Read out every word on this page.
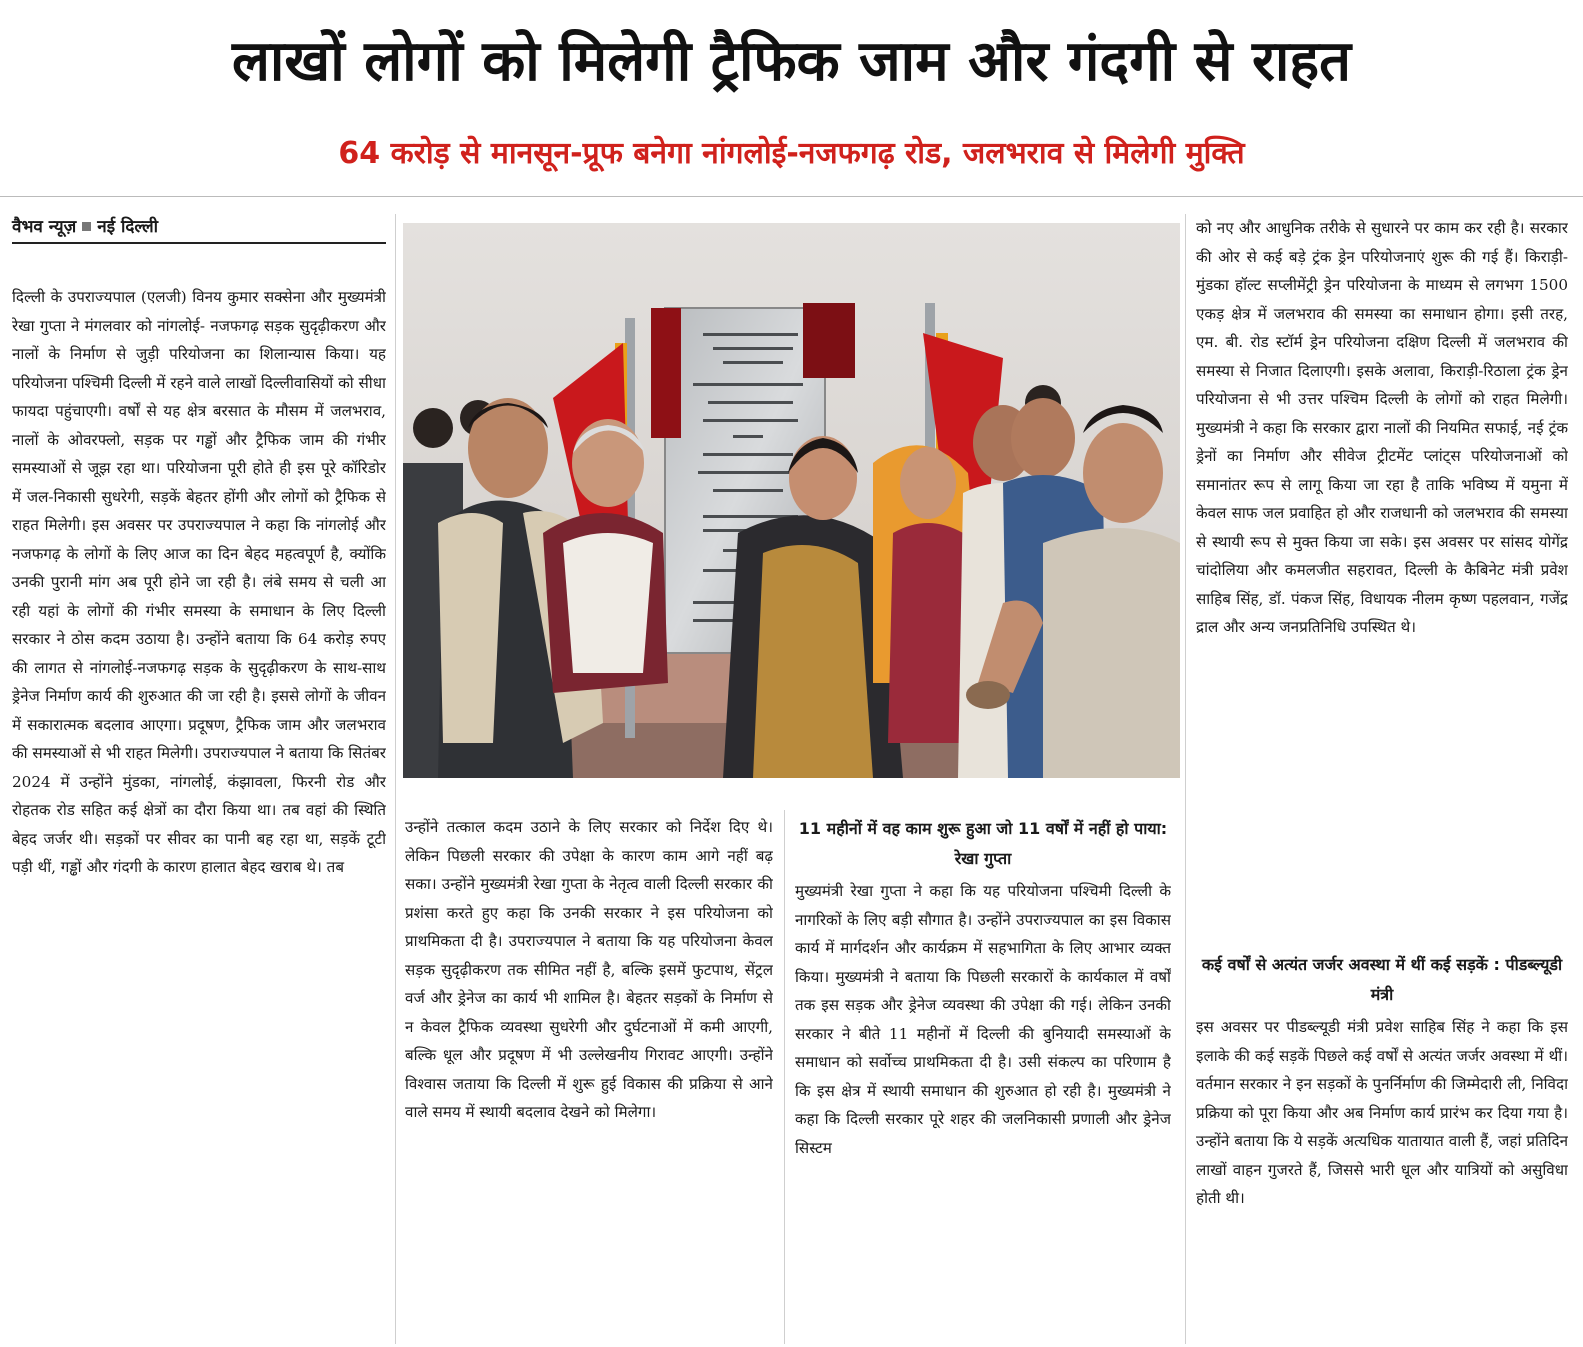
लाखों लोगों को मिलेगी ट्रैफिक जाम और गंदगी से राहत
64 करोड़ से मानसून-प्रूफ बनेगा नांगलोई-नजफगढ़ रोड, जलभराव से मिलेगी मुक्ति
वैभव न्यूज़ नई दिल्ली

दिल्ली के उपराज्यपाल (एलजी) विनय कुमार सक्सेना और मुख्यमंत्री रेखा गुप्ता ने मंगलवार को नांगलोई- नजफगढ़ सड़क सुदृढ़ीकरण और नालों के निर्माण से जुड़ी परियोजना का शिलान्यास किया। यह परियोजना पश्चिमी दिल्ली में रहने वाले लाखों दिल्लीवासियों को सीधा फायदा पहुंचाएगी। वर्षों से यह क्षेत्र बरसात के मौसम में जलभराव, नालों के ओवरफ्लो, सड़क पर गड्ढों और ट्रैफिक जाम की गंभीर समस्याओं से जूझ रहा था। परियोजना पूरी होते ही इस पूरे कॉरिडोर में जल-निकासी सुधरेगी, सड़कें बेहतर होंगी और लोगों को ट्रैफिक से राहत मिलेगी। इस अवसर पर उपराज्यपाल ने कहा कि नांगलोई और नजफगढ़ के लोगों के लिए आज का दिन बेहद महत्वपूर्ण है, क्योंकि उनकी पुरानी मांग अब पूरी होने जा रही है। लंबे समय से चली आ रही यहां के लोगों की गंभीर समस्या के समाधान के लिए दिल्ली सरकार ने ठोस कदम उठाया है। उन्होंने बताया कि 64 करोड़ रुपए की लागत से नांगलोई-नजफगढ़ सड़क के सुदृढ़ीकरण के साथ-साथ ड्रेनेज निर्माण कार्य की शुरुआत की जा रही है। इससे लोगों के जीवन में सकारात्मक बदलाव आएगा। प्रदूषण, ट्रैफिक जाम और जलभराव की समस्याओं से भी राहत मिलेगी। उपराज्यपाल ने बताया कि सितंबर 2024 में उन्होंने मुंडका, नांगलोई, कंझावला, फिरनी रोड और रोहतक रोड सहित कई क्षेत्रों का दौरा किया था। तब वहां की स्थिति बेहद जर्जर थी। सड़कों पर सीवर का पानी बह रहा था, सड़कें टूटी पड़ी थीं, गड्ढों और गंदगी के कारण हालात बेहद खराब थे। तब

उन्होंने तत्काल कदम उठाने के लिए सरकार को निर्देश दिए थे। लेकिन पिछली सरकार की उपेक्षा के कारण काम आगे नहीं बढ़ सका। उन्होंने मुख्यमंत्री रेखा गुप्ता के नेतृत्व वाली दिल्ली सरकार की प्रशंसा करते हुए कहा कि उनकी सरकार ने इस परियोजना को प्राथमिकता दी है। उपराज्यपाल ने बताया कि यह परियोजना केवल सड़क सुदृढ़ीकरण तक सीमित नहीं है, बल्कि इसमें फुटपाथ, सेंट्रल वर्ज और ड्रेनेज का कार्य भी शामिल है। बेहतर सड़कों के निर्माण से न केवल ट्रैफिक व्यवस्था सुधरेगी और दुर्घटनाओं में कमी आएगी, बल्कि धूल और प्रदूषण में भी उल्लेखनीय गिरावट आएगी। उन्होंने विश्वास जताया कि दिल्ली में शुरू हुई विकास की प्रक्रिया से आने वाले समय में स्थायी बदलाव देखने को मिलेगा।

11 महीनों में वह काम शुरू हुआ जो 11 वर्षों में नहीं हो पाया: रेखा गुप्ता

मुख्यमंत्री रेखा गुप्ता ने कहा कि यह परियोजना पश्चिमी दिल्ली के नागरिकों के लिए बड़ी सौगात है। उन्होंने उपराज्यपाल का इस विकास कार्य में मार्गदर्शन और कार्यक्रम में सहभागिता के लिए आभार व्यक्त किया। मुख्यमंत्री ने बताया कि पिछली सरकारों के कार्यकाल में वर्षों तक इस सड़क और ड्रेनेज व्यवस्था की उपेक्षा की गई। लेकिन उनकी सरकार ने बीते 11 महीनों में दिल्ली की बुनियादी समस्याओं के समाधान को सर्वोच्च प्राथमिकता दी है। उसी संकल्प का परिणाम है कि इस क्षेत्र में स्थायी समाधान की शुरुआत हो रही है। मुख्यमंत्री ने कहा कि दिल्ली सरकार पूरे शहर की जलनिकासी प्रणाली और ड्रेनेज सिस्टम

को नए और आधुनिक तरीके से सुधारने पर काम कर रही है। सरकार की ओर से कई बड़े ट्रंक ड्रेन परियोजनाएं शुरू की गई हैं। किराड़ी-मुंडका हॉल्ट सप्लीमेंट्री ड्रेन परियोजना के माध्यम से लगभग 1500 एकड़ क्षेत्र में जलभराव की समस्या का समाधान होगा। इसी तरह, एम. बी. रोड स्टॉर्म ड्रेन परियोजना दक्षिण दिल्ली में जलभराव की समस्या से निजात दिलाएगी। इसके अलावा, किराड़ी-रिठाला ट्रंक ड्रेन परियोजना से भी उत्तर पश्चिम दिल्ली के लोगों को राहत मिलेगी। मुख्यमंत्री ने कहा कि सरकार द्वारा नालों की नियमित सफाई, नई ट्रंक ड्रेनों का निर्माण और सीवेज ट्रीटमेंट प्लांट्स परियोजनाओं को समानांतर रूप से लागू किया जा रहा है ताकि भविष्य में यमुना में केवल साफ जल प्रवाहित हो और राजधानी को जलभराव की समस्या से स्थायी रूप से मुक्त किया जा सके। इस अवसर पर सांसद योगेंद्र चांदोलिया और कमलजीत सहरावत, दिल्ली के कैबिनेट मंत्री प्रवेश साहिब सिंह, डॉ. पंकज सिंह, विधायक नीलम कृष्ण पहलवान, गजेंद्र द्राल और अन्य जनप्रतिनिधि उपस्थित थे।

कई वर्षों से अत्यंत जर्जर अवस्था में थीं कई सड़कें : पीडब्ल्यूडी मंत्री

इस अवसर पर पीडब्ल्यूडी मंत्री प्रवेश साहिब सिंह ने कहा कि इस इलाके की कई सड़कें पिछले कई वर्षों से अत्यंत जर्जर अवस्था में थीं। वर्तमान सरकार ने इन सड़कों के पुनर्निर्माण की जिम्मेदारी ली, निविदा प्रक्रिया को पूरा किया और अब निर्माण कार्य प्रारंभ कर दिया गया है। उन्होंने बताया कि ये सड़कें अत्यधिक यातायात वाली हैं, जहां प्रतिदिन लाखों वाहन गुजरते हैं, जिससे भारी धूल और यात्रियों को असुविधा होती थी।
